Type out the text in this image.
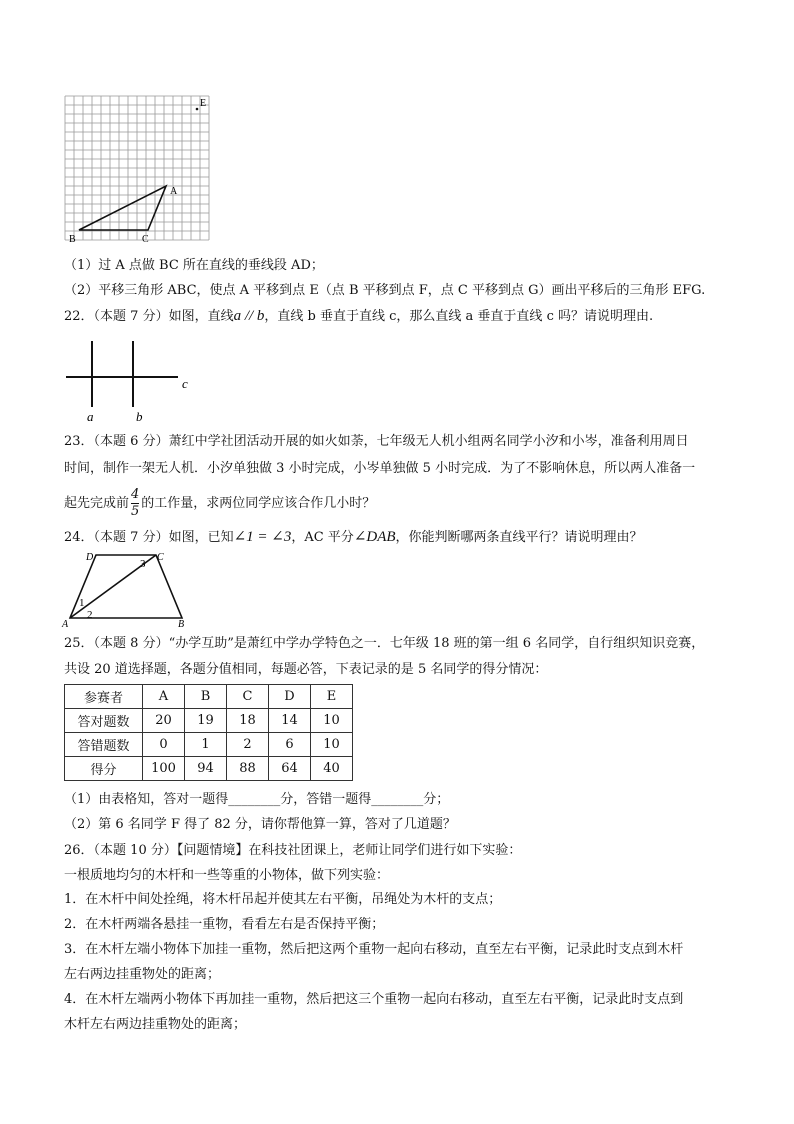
E
A
B	C
（1）过 A 点做 BC 所在直线的垂线段 AD；
（2）平移三角形 ABC，使点 A 平移到点 E（点 B 平移到点 F，点 C 平移到点 G）画出平移后的三角形 EFG.
22．（本题 7 分）如图，直线a // b，直线 b 垂直于直线 c，那么直线 a 垂直于直线 c 吗？请说明理由.
c
a	b
23．（本题 6 分）萧红中学社团活动开展的如火如荼，七年级无人机小组两名同学小汐和小岑，准备利用周日
时间，制作一架无人机．小汐单独做 3 小时完成，小岑单独做 5 小时完成．为了不影响休息，所以两人准备一
起先完成前 $\frac{4}{5}$ 的工作量，求两位同学应该合作几小时？
24．（本题 7 分）如图，已知∠1 = ∠3，AC 平分∠DAB，你能判断哪两条直线平行？请说明理由？
D	C
A	B
1
2
3
25．（本题 8 分）“办学互助”是萧红中学办学特色之一．七年级 18 班的第一组 6 名同学，自行组织知识竞赛，
共设 20 道选择题，各题分值相同，每题必答，下表记录的是 5 名同学的得分情况：
参赛者	A	B	C	D	E
答对题数	20	19	18	14	10
答错题数	0	1	2	6	10
得分	100	94	88	64	40
（1）由表格知，答对一题得________分，答错一题得________分；
（2）第 6 名同学 F 得了 82 分，请你帮他算一算，答对了几道题？
26．（本题 10 分）【问题情境】在科技社团课上，老师让同学们进行如下实验：
一根质地均匀的木杆和一些等重的小物体，做下列实验：
1．在木杆中间处拴绳，将木杆吊起并使其左右平衡，吊绳处为木杆的支点；
2．在木杆两端各悬挂一重物，看看左右是否保持平衡；
3．在木杆左端小物体下加挂一重物，然后把这两个重物一起向右移动，直至左右平衡，记录此时支点到木杆
左右两边挂重物处的距离；
4．在木杆左端两小物体下再加挂一重物，然后把这三个重物一起向右移动，直至左右平衡，记录此时支点到
木杆左右两边挂重物处的距离；
